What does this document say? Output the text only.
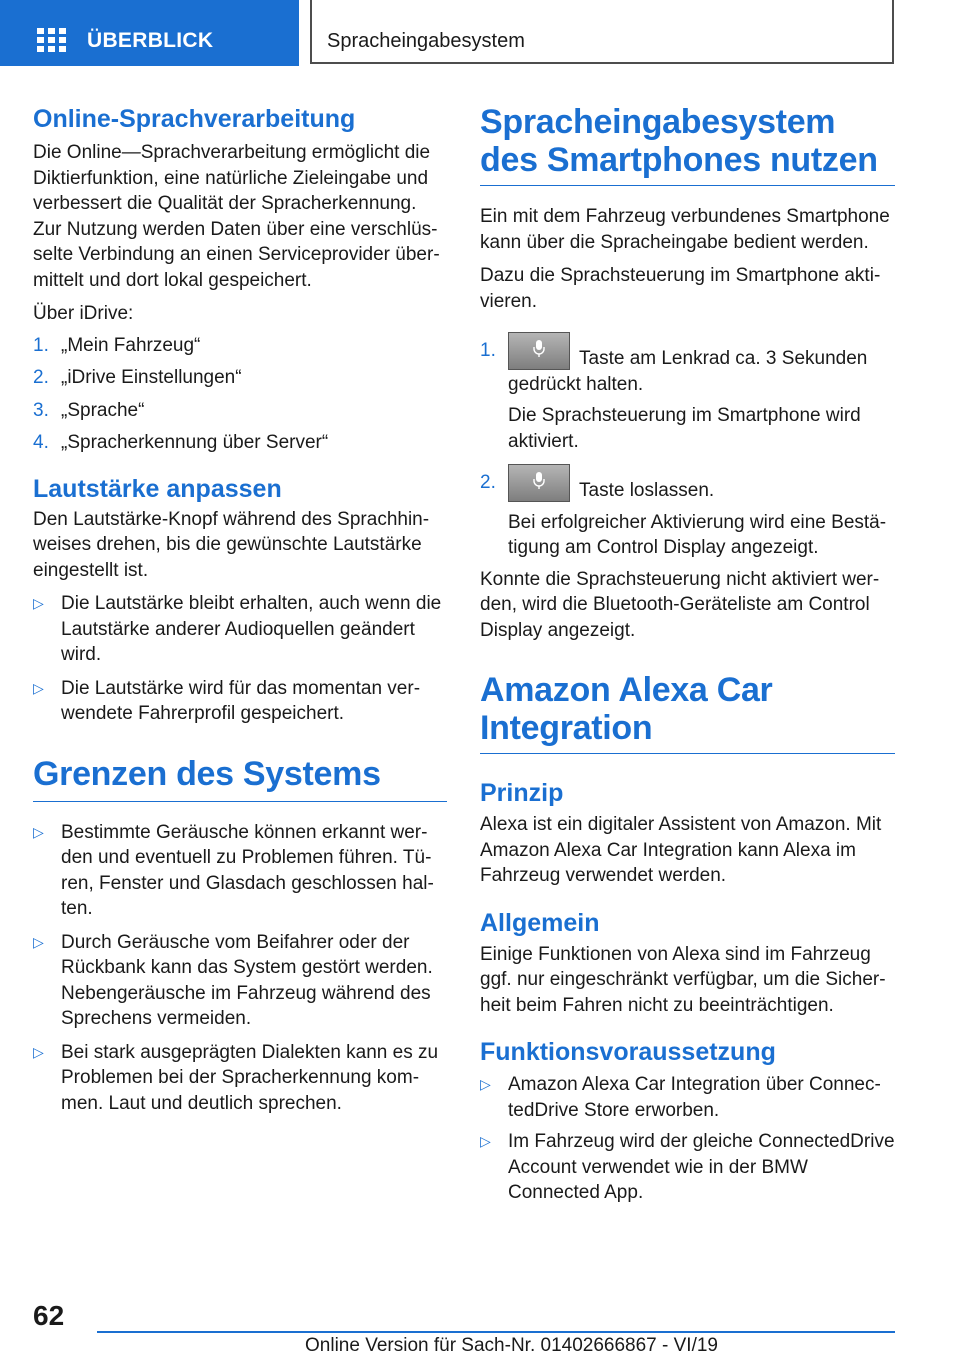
ÜBERBLICK	Spracheingabesystem
Online-Sprachverarbeitung

Die Online—Sprachverarbeitung ermöglicht die Diktierfunktion, eine natürliche Zieleingabe und verbessert die Qualität der Spracherkennung. Zur Nutzung werden Daten über eine verschlüsselte Verbindung an einen Serviceprovider übermittelt und dort lokal gespeichert.

Über iDrive:

1. „Mein Fahrzeug“
2. „iDrive Einstellungen“
3. „Sprache“
4. „Spracherkennung über Server“
Lautstärke anpassen

Den Lautstärke-Knopf während des Sprachhinweises drehen, bis die gewünschte Lautstärke eingestellt ist.

▷ Die Lautstärke bleibt erhalten, auch wenn die Lautstärke anderer Audioquellen geändert wird.
▷ Die Lautstärke wird für das momentan verwendete Fahrerprofil gespeichert.
Grenzen des Systems
▷ Bestimmte Geräusche können erkannt werden und eventuell zu Problemen führen. Türen, Fenster und Glasdach geschlossen halten.
▷ Durch Geräusche vom Beifahrer oder der Rückbank kann das System gestört werden. Nebengeräusche im Fahrzeug während des Sprechens vermeiden.
▷ Bei stark ausgeprägten Dialekten kann es zu Problemen bei der Spracherkennung kommen. Laut und deutlich sprechen.
Spracheingabesystem des Smartphones nutzen

Ein mit dem Fahrzeug verbundenes Smartphone kann über die Spracheingabe bedient werden.

Dazu die Sprachsteuerung im Smartphone aktivieren.

1.	Taste am Lenkrad ca. 3 Sekunden gedrückt halten.
Die Sprachsteuerung im Smartphone wird aktiviert.
2.	Taste loslassen.
Bei erfolgreicher Aktivierung wird eine Bestätigung am Control Display angezeigt.

Konnte die Sprachsteuerung nicht aktiviert werden, wird die Bluetooth-Geräteliste am Control Display angezeigt.

Amazon Alexa Car Integration
Prinzip

Alexa ist ein digitaler Assistent von Amazon. Mit Amazon Alexa Car Integration kann Alexa im Fahrzeug verwendet werden.

Allgemein

Einige Funktionen von Alexa sind im Fahrzeug ggf. nur eingeschränkt verfügbar, um die Sicherheit beim Fahren nicht zu beeinträchtigen.

Funktionsvoraussetzung
▷ Amazon Alexa Car Integration über ConnectedDrive Store erworben.
▷ Im Fahrzeug wird der gleiche ConnectedDrive Account verwendet wie in der BMW Connected App.
62
Online Version für Sach-Nr. 01402666867 - VI/19
